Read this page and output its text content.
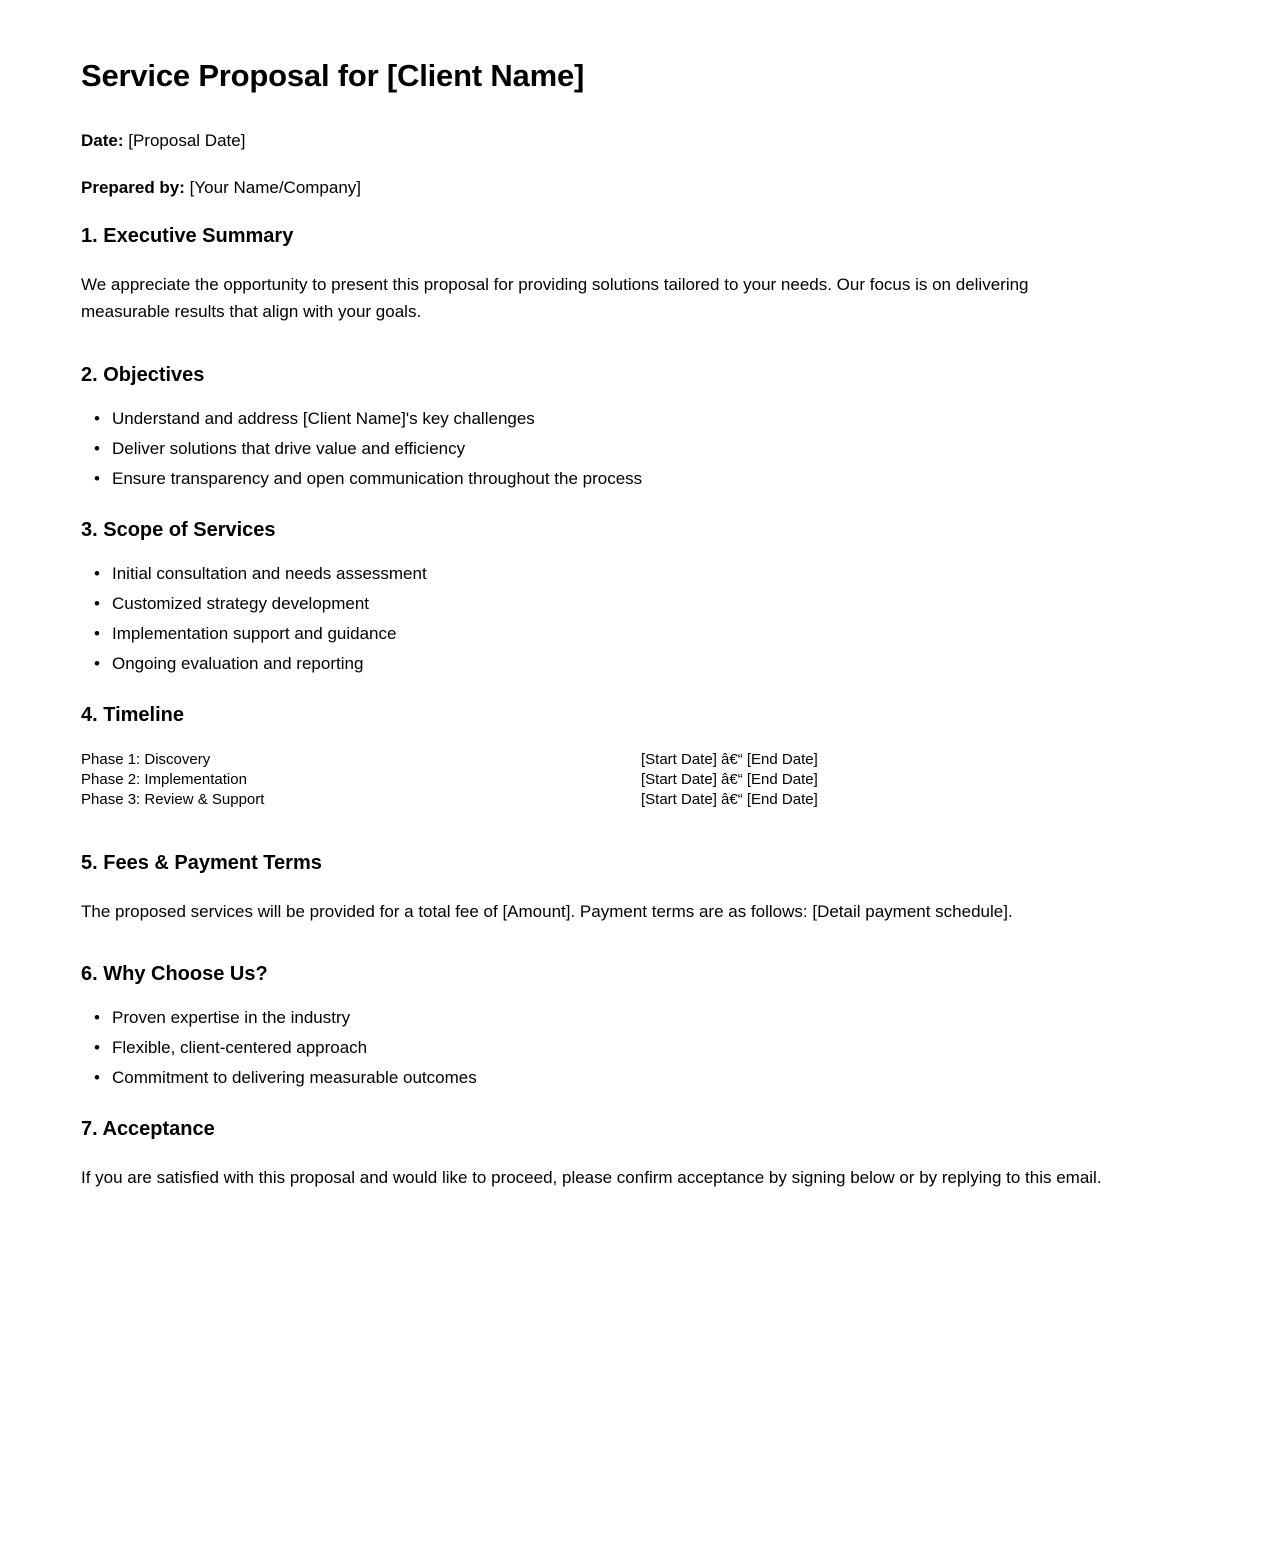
Service Proposal for [Client Name]

Date: [Proposal Date]

Prepared by: [Your Name/Company]

1. Executive Summary

We appreciate the opportunity to present this proposal for providing solutions tailored to your needs. Our focus is on delivering measurable results that align with your goals.

2. Objectives
• Understand and address [Client Name]'s key challenges
• Deliver solutions that drive value and efficiency
• Ensure transparency and open communication throughout the process
3. Scope of Services
• Initial consultation and needs assessment
• Customized strategy development
• Implementation support and guidance
• Ongoing evaluation and reporting
4. Timeline
Phase 1: Discovery	[Start Date] â€“ [End Date]
Phase 2: Implementation	[Start Date] â€“ [End Date]
Phase 3: Review & Support	[Start Date] â€“ [End Date]
5. Fees & Payment Terms

The proposed services will be provided for a total fee of [Amount]. Payment terms are as follows: [Detail payment schedule].

6. Why Choose Us?
• Proven expertise in the industry
• Flexible, client-centered approach
• Commitment to delivering measurable outcomes
7. Acceptance

If you are satisfied with this proposal and would like to proceed, please confirm acceptance by signing below or by replying to this email.
